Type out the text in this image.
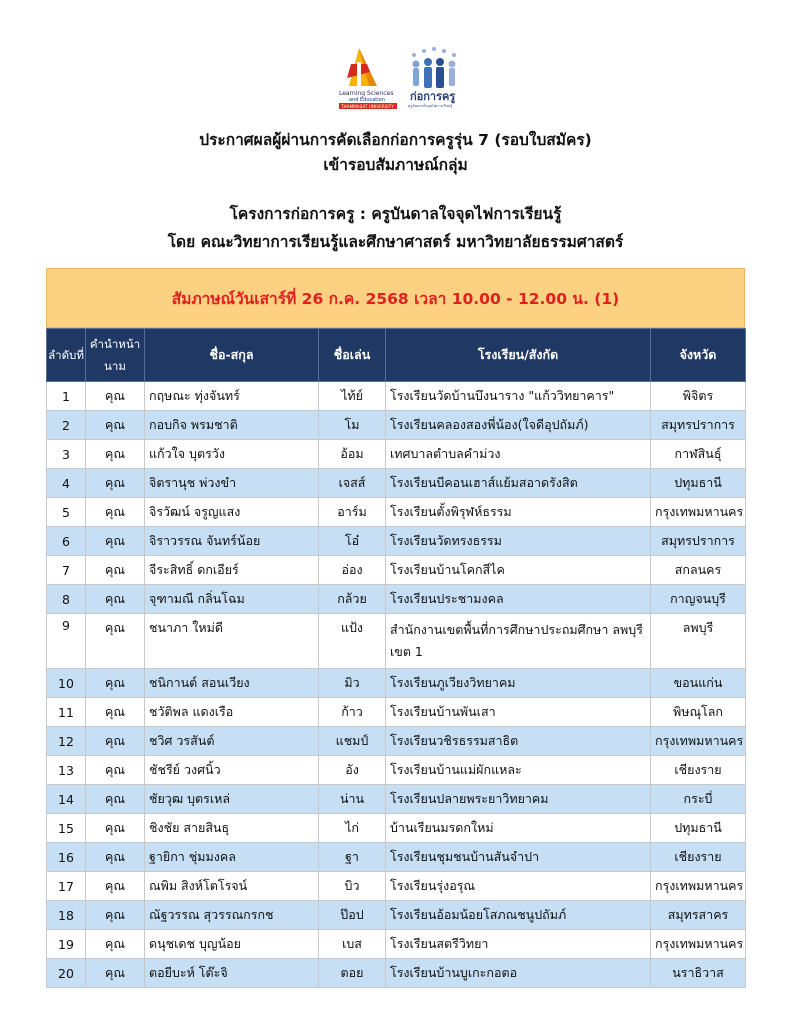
Learning Sciences
and Education
THAMMASAT UNIVERSITY
ก่อการครู
ครูบันดาลใจจุดไฟการเรียนรู้
ประกาศผลผู้ผ่านการคัดเลือกก่อการครูรุ่น 7 (รอบใบสมัคร)
เข้ารอบสัมภาษณ์กลุ่ม
โครงการก่อการครู : ครูบันดาลใจจุดไฟการเรียนรู้
โดย คณะวิทยาการเรียนรู้และศึกษาศาสตร์ มหาวิทยาลัยธรรมศาสตร์
สัมภาษณ์วันเสาร์ที่ 26 ก.ค. 2568 เวลา 10.00 - 12.00 น. (1)
ลำดับที่	คำนำหน้านาม	ชื่อ-สกุล	ชื่อเล่น	โรงเรียน/สังกัด	จังหวัด
1	คุณ	กฤษณะ ทุ่งจันทร์	ไท้ย์	โรงเรียนวัดบ้านบึงนาราง "แก้ววิทยาคาร"	พิจิตร
2	คุณ	กอบกิจ พรมชาติ	โม	โรงเรียนคลองสองพี่น้อง(ใจดีอุปถัมภ์)	สมุทรปราการ
3	คุณ	แก้วใจ บุตรวัง	อ้อม	เทศบาลตำบลคำม่วง	กาฬสินธุ์
4	คุณ	จิตรานุช พ่วงขำ	เจสส์	โรงเรียนบีคอนเฮาส์แย้มสอาดรังสิต	ปทุมธานี
5	คุณ	จิรวัฒน์ จรูญแสง	อาร์ม	โรงเรียนตั้งพิรุฬห์ธรรม	กรุงเทพมหานคร
6	คุณ	จิราวรรณ จันทร์น้อย	โอ๋	โรงเรียนวัดทรงธรรม	สมุทรปราการ
7	คุณ	จีระสิทธิ์ ดกเอียร์	อ่อง	โรงเรียนบ้านโคกสีไค	สกลนคร
8	คุณ	จุฑามณี กลิ่นโฉม	กล้วย	โรงเรียนประชามงคล	กาญจนบุรี
9	คุณ	ชนาภา ใหม่ดี	แป้ง	สำนักงานเขตพื้นที่การศึกษาประถมศึกษา ลพบุรี เขต 1	ลพบุรี
10	คุณ	ชนิกานต์ สอนเวียง	มิว	โรงเรียนภูเวียงวิทยาคม	ขอนแก่น
11	คุณ	ชวัติพล แดงเรือ	ก้าว	โรงเรียนบ้านพันเสา	พิษณุโลก
12	คุณ	ชวิศ วรสันต์	แชมป์	โรงเรียนวชิรธรรมสาธิต	กรุงเทพมหานคร
13	คุณ	ชัชรีย์ วงศนิ้ว	อัง	โรงเรียนบ้านแม่ผักแหละ	เชียงราย
14	คุณ	ชัยวุฒ บุตรเหล่	น่าน	โรงเรียนปลายพระยาวิทยาคม	กระบี่
15	คุณ	ชิงชัย สายสินธุ	ไก่	บ้านเรียนมรดกใหม่	ปทุมธานี
16	คุณ	ฐายิกา ชุ่มมงคล	ฐา	โรงเรียนชุมชนบ้านสันจำปา	เชียงราย
17	คุณ	ณพิม สิงห์โตโรจน์	บิว	โรงเรียนรุ่งอรุณ	กรุงเทพมหานคร
18	คุณ	ณัฐวรรณ สุวรรณกรกช	ป๊อป	โรงเรียนอ้อมน้อยโสภณชนูปถัมภ์	สมุทรสาคร
19	คุณ	ดนุชเดช บุญน้อย	เบส	โรงเรียนสตรีวิทยา	กรุงเทพมหานคร
20	คุณ	ตอยีบะห์ โต๊ะจิ	ตอย	โรงเรียนบ้านบูเกะกอตอ	นราธิวาส
